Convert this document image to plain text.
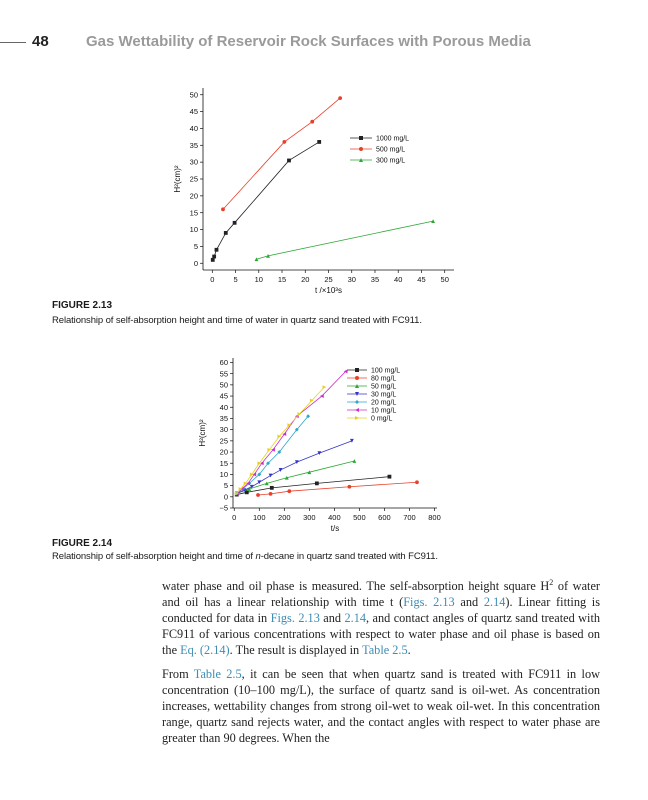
48 Gas Wettability of Reservoir Rock Surfaces with Porous Media
0	5 10 15 20 25 30 35 40 45 50
0
5
10
15
20
25
30
35
40
45
50
t /×10³s
H²(cm)²
1000 mg/L
500 mg/L
300 mg/L
0 100 200 300 400 500 600 700 800
−5
0
5
10
15
20
25
30
35
40
45
50
55
60
t/s
H²(cm)²
100 mg/L
80 mg/L
50 mg/L
30 mg/L
20 mg/L
10 mg/L
0 mg/L
FIGURE 2.13
Relationship of self-absorption height and time of water in quartz sand treated with FC911.
FIGURE 2.14
Relationship of self-absorption height and time of n-decane in quartz sand treated with FC911.

water phase and oil phase is measured. The self-absorption height square $H^2$ of water and oil has a linear relationship with time t (Figs. 2.13 and 2.14). Linear fitting is conducted for data in Figs. 2.13 and 2.14, and contact angles of quartz sand treated with FC911 of various concentrations with respect to water phase and oil phase is based on the Eq. (2.14). The result is displayed in Table 2.5.

From Table 2.5, it can be seen that when quartz sand is treated with FC911 in low concentration (10–100 mg/L), the surface of quartz sand is oil-wet. As concentration increases, wettability changes from strong oil-wet to weak oil-wet. In this concentration range, quartz sand rejects water, and the contact angles with respect to water phase are greater than 90 degrees. When the
